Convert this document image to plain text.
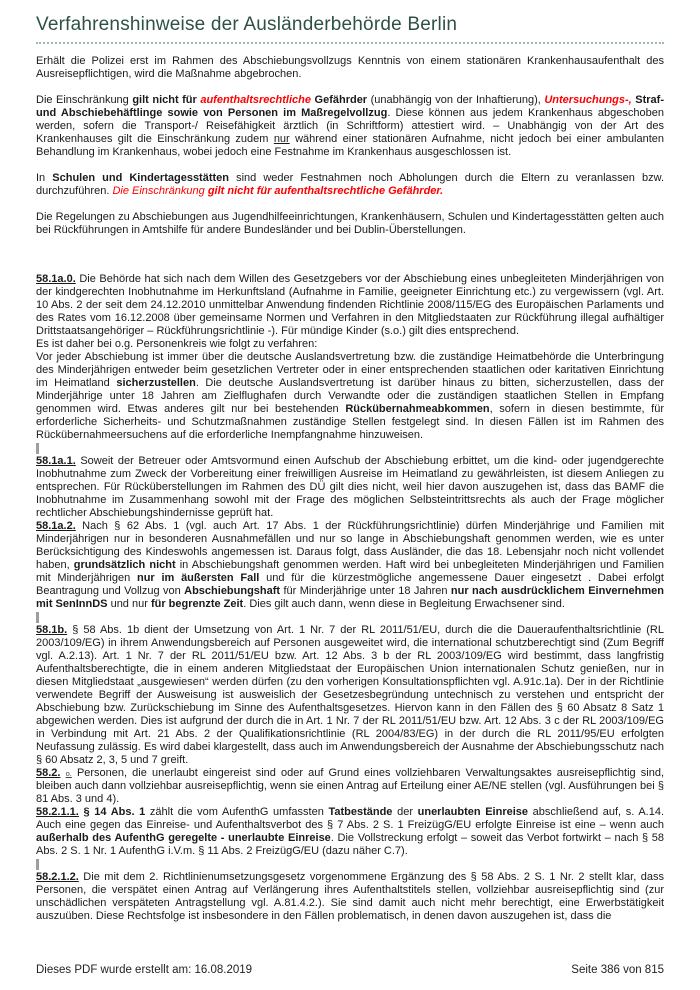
Verfahrenshinweise der Ausländerbehörde Berlin
Erhält die Polizei erst im Rahmen des Abschiebungsvollzugs Kenntnis von einem stationären Krankenhausaufenthalt des Ausreisepflichtigen, wird die Maßnahme abgebrochen.
Die Einschränkung gilt nicht für aufenthaltsrechtliche Gefährder (unabhängig von der Inhaftierung), Untersuchungs-, Straf- und Abschiebehäftlinge sowie von Personen im Maßregelvollzug. Diese können aus jedem Krankenhaus abgeschoben werden, sofern die Transport-/ Reisefähigkeit ärztlich (in Schriftform) attestiert wird. – Unabhängig von der Art des Krankenhauses gilt die Einschränkung zudem nur während einer stationären Aufnahme, nicht jedoch bei einer ambulanten Behandlung im Krankenhaus, wobei jedoch eine Festnahme im Krankenhaus ausgeschlossen ist.
In Schulen und Kindertagesstätten sind weder Festnahmen noch Abholungen durch die Eltern zu veranlassen bzw. durchzuführen. Die Einschränkung gilt nicht für aufenthaltsrechtliche Gefährder.
Die Regelungen zu Abschiebungen aus Jugendhilfeeinrichtungen, Krankenhäusern, Schulen und Kindertagesstätten gelten auch bei Rückführungen in Amtshilfe für andere Bundesländer und bei Dublin-Überstellungen.
58.1a.0. Die Behörde hat sich nach dem Willen des Gesetzgebers vor der Abschiebung eines unbegleiteten Minderjährigen von der kindgerechten Inobhutnahme im Herkunftsland (Aufnahme in Familie, geeigneter Einrichtung etc.) zu vergewissern (vgl. Art. 10 Abs. 2 der seit dem 24.12.2010 unmittelbar Anwendung findenden Richtlinie 2008/115/EG des Europäischen Parlaments und des Rates vom 16.12.2008 über gemeinsame Normen und Verfahren in den Mitgliedstaaten zur Rückführung illegal aufhältiger Drittstaatsangehöriger – Rückführungsrichtlinie -). Für mündige Kinder (s.o.) gilt dies entsprechend.
Es ist daher bei o.g. Personenkreis wie folgt zu verfahren:
Vor jeder Abschiebung ist immer über die deutsche Auslandsvertretung bzw. die zuständige Heimatbehörde die Unterbringung des Minderjährigen entweder beim gesetzlichen Vertreter oder in einer entsprechenden staatlichen oder karitativen Einrichtung im Heimatland sicherzustellen. Die deutsche Auslandsvertretung ist darüber hinaus zu bitten, sicherzustellen, dass der Minderjährige unter 18 Jahren am Zielflughafen durch Verwandte oder die zuständigen staatlichen Stellen in Empfang genommen wird. Etwas anderes gilt nur bei bestehenden Rückübernahmeabkommen, sofern in diesen bestimmte, für erforderliche Sicherheits- und Schutzmaßnahmen zuständige Stellen festgelegt sind. In diesen Fällen ist im Rahmen des Rückübernahmeersuchens auf die erforderliche Inempfangnahme hinzuweisen.
58.1a.1. Soweit der Betreuer oder Amtsvormund einen Aufschub der Abschiebung erbittet, um die kind- oder jugendgerechte Inobhutnahme zum Zweck der Vorbereitung einer freiwilligen Ausreise im Heimatland zu gewährleisten, ist diesem Anliegen zu entsprechen. Für Rücküberstellungen im Rahmen des DÜ gilt dies nicht, weil hier davon auszugehen ist, dass das BAMF die Inobhutnahme im Zusammenhang sowohl mit der Frage des möglichen Selbsteintrittsrechts als auch der Frage möglicher rechtlicher Abschiebungshindernisse geprüft hat.
58.1a.2. Nach § 62 Abs. 1 (vgl. auch Art. 17 Abs. 1 der Rückführungsrichtlinie) dürfen Minderjährige und Familien mit Minderjährigen nur in besonderen Ausnahmefällen und nur so lange in Abschiebungshaft genommen werden, wie es unter Berücksichtigung des Kindeswohls angemessen ist. Daraus folgt, dass Ausländer, die das 18. Lebensjahr noch nicht vollendet haben, grundsätzlich nicht in Abschiebungshaft genommen werden. Haft wird bei unbegleiteten Minderjährigen und Familien mit Minderjährigen nur im äußersten Fall und für die kürzestmögliche angemessene Dauer eingesetzt . Dabei erfolgt Beantragung und Vollzug von Abschiebungshaft für Minderjährige unter 18 Jahren nur nach ausdrücklichem Einvernehmen mit SenInnDS und nur für begrenzte Zeit. Dies gilt auch dann, wenn diese in Begleitung Erwachsener sind.
58.1b. § 58 Abs. 1b dient der Umsetzung von Art. 1 Nr. 7 der RL 2011/51/EU, durch die die Daueraufenthaltsrichtlinie (RL 2003/109/EG) in ihrem Anwendungsbereich auf Personen ausgeweitet wird, die international schutzberechtigt sind (Zum Begriff vgl. A.2.13). Art. 1 Nr. 7 der RL 2011/51/EU bzw. Art. 12 Abs. 3 b der RL 2003/109/EG wird bestimmt, dass langfristig Aufenthaltsberechtigte, die in einem anderen Mitgliedstaat der Europäischen Union internationalen Schutz genießen, nur in diesen Mitgliedstaat „ausgewiesen“ werden dürfen (zu den vorherigen Konsultationspflichten vgl. A.91c.1a). Der in der Richtlinie verwendete Begriff der Ausweisung ist ausweislich der Gesetzesbegründung untechnisch zu verstehen und entspricht der Abschiebung bzw. Zurückschiebung im Sinne des Aufenthaltsgesetzes. Hiervon kann in den Fällen des § 60 Absatz 8 Satz 1 abgewichen werden. Dies ist aufgrund der durch die in Art. 1 Nr. 7 der RL 2011/51/EU bzw. Art. 12 Abs. 3 c der RL 2003/109/EG in Verbindung mit Art. 21 Abs. 2 der Qualifikationsrichtlinie (RL 2004/83/EG) in der durch die RL 2011/95/EU erfolgten Neufassung zulässig. Es wird dabei klargestellt, dass auch im Anwendungsbereich der Ausnahme der Abschiebungsschutz nach § 60 Absatz 2, 3, 5 und 7 greift.
58.2. o. Personen, die unerlaubt eingereist sind oder auf Grund eines vollziehbaren Verwaltungsaktes ausreisepflichtig sind, bleiben auch dann vollziehbar ausreisepflichtig, wenn sie einen Antrag auf Erteilung einer AE/NE stellen (vgl. Ausführungen bei § 81 Abs. 3 und 4).
58.2.1.1. § 14 Abs. 1 zählt die vom AufenthG umfassten Tatbestände der unerlaubten Einreise abschließend auf, s. A.14. Auch eine gegen das Einreise- und Aufenthaltsverbot des § 7 Abs. 2 S. 1 FreizügG/EU erfolgte Einreise ist eine – wenn auch außerhalb des AufenthG geregelte - unerlaubte Einreise. Die Vollstreckung erfolgt – soweit das Verbot fortwirkt – nach § 58 Abs. 2 S. 1 Nr. 1 AufenthG i.V.m. § 11 Abs. 2 FreizügG/EU (dazu näher C.7).
58.2.1.2. Die mit dem 2. Richtlinienumsetzungsgesetz vorgenommene Ergänzung des § 58 Abs. 2 S. 1 Nr. 2 stellt klar, dass Personen, die verspätet einen Antrag auf Verlängerung ihres Aufenthaltstitels stellen, vollziehbar ausreisepflichtig sind (zur unschädlichen verspäteten Antragstellung vgl. A.81.4.2.). Sie sind damit auch nicht mehr berechtigt, eine Erwerbstätigkeit auszuüben. Diese Rechtsfolge ist insbesondere in den Fällen problematisch, in denen davon auszugehen ist, dass die
Dieses PDF wurde erstellt am: 16.08.2019	Seite 386 von 815
